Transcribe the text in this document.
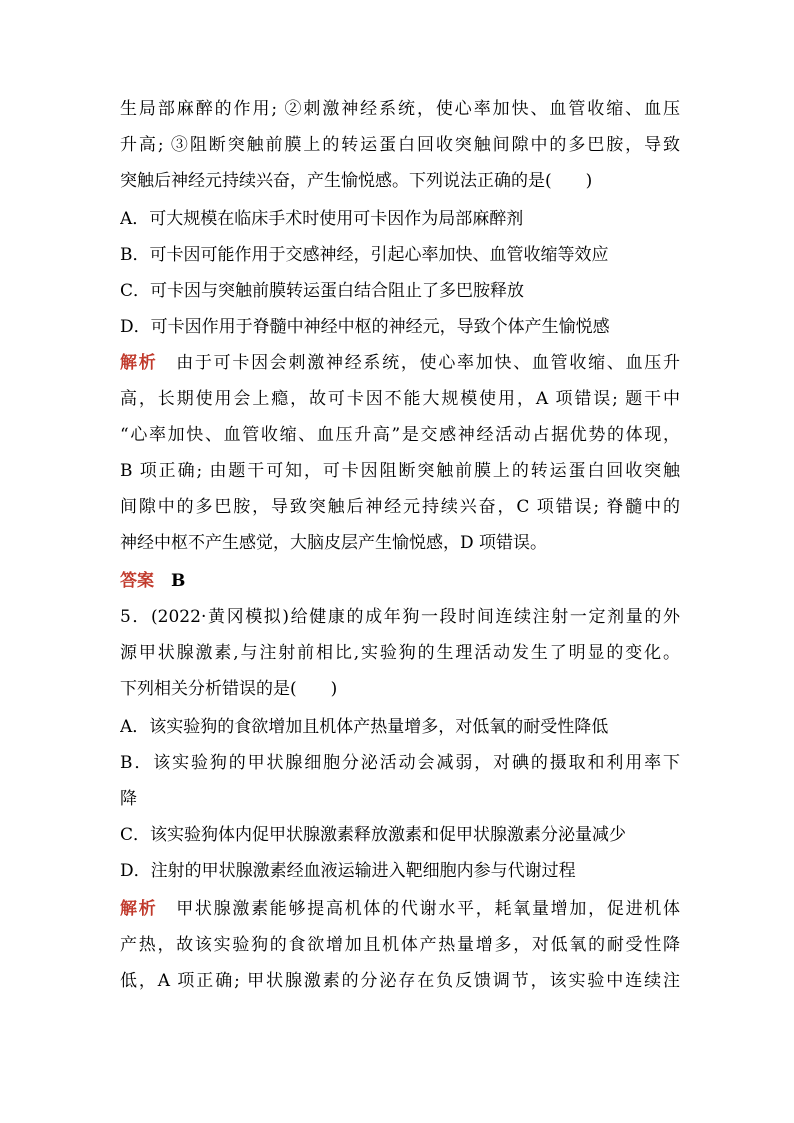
生局部麻醉的作用; ②刺激神经系统，使心率加快、血管收缩、血压
升高; ③阻断突触前膜上的转运蛋白回收突触间隙中的多巴胺，导致
突触后神经元持续兴奋，产生愉悦感。下列说法正确的是(　　)
A．可大规模在临床手术时使用可卡因作为局部麻醉剂
B．可卡因可能作用于交感神经，引起心率加快、血管收缩等效应
C．可卡因与突触前膜转运蛋白结合阻止了多巴胺释放
D．可卡因作用于脊髓中神经中枢的神经元，导致个体产生愉悦感
解析　 由于可卡因会刺激神经系统，使心率加快、血管收缩、血压升
高，长期使用会上瘾，故可卡因不能大规模使用，A 项错误; 题干中
“心率加快、血管收缩、血压升高”是交感神经活动占据优势的体现，
B 项正确; 由题干可知，可卡因阻断突触前膜上的转运蛋白回收突触
间隙中的多巴胺，导致突触后神经元持续兴奋，C 项错误; 脊髓中的
神经中枢不产生感觉，大脑皮层产生愉悦感，D 项错误。
答案　 B
5．(2022·黄冈模拟)给健康的成年狗一段时间连续注射一定剂量的外
源甲状腺激素,与注射前相比,实验狗的生理活动发生了明显的变化。
下列相关分析错误的是(　　)
A．该实验狗的食欲增加且机体产热量增多，对低氧的耐受性降低
B．该实验狗的甲状腺细胞分泌活动会减弱，对碘的摄取和利用率下
降
C．该实验狗体内促甲状腺激素释放激素和促甲状腺激素分泌量减少
D．注射的甲状腺激素经血液运输进入靶细胞内参与代谢过程
解析　 甲状腺激素能够提高机体的代谢水平，耗氧量增加，促进机体
产热，故该实验狗的食欲增加且机体产热量增多，对低氧的耐受性降
低，A 项正确; 甲状腺激素的分泌存在负反馈调节，该实验中连续注
